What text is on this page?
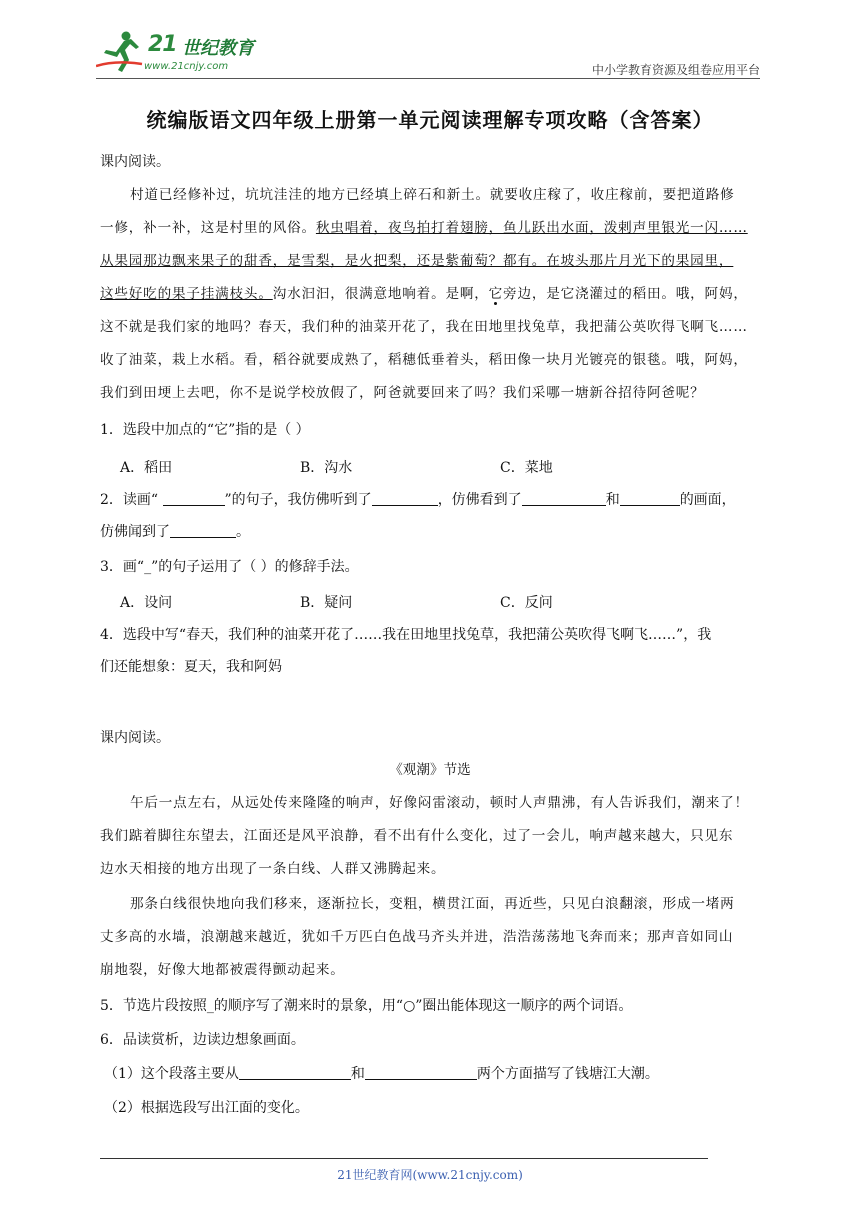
21 世纪教育
www.21cnjy.com	中小学教育资源及组卷应用平台
统编版语文四年级上册第一单元阅读理解专项攻略（含答案）
课内阅读。
村道已经修补过，坑坑洼洼的地方已经填上碎石和新土。就要收庄稼了，收庄稼前，要把道路修
一修，补一补，这是村里的风俗。秋虫唱着，夜鸟拍打着翅膀，鱼儿跃出水面，泼剌声里银光一闪……
从果园那边飘来果子的甜香，是雪梨，是火把梨，还是紫葡萄？都有。在坡头那片月光下的果园里，
这些好吃的果子挂满枝头。沟水汩汩，很满意地响着。是啊，它旁边，是它浇灌过的稻田。哦，阿妈，
这不就是我们家的地吗？春天，我们种的油菜开花了，我在田地里找兔草，我把蒲公英吹得飞啊飞……
收了油菜，栽上水稻。看，稻谷就要成熟了，稻穗低垂着头，稻田像一块月光镀亮的银毯。哦，阿妈，
我们到田埂上去吧，你不是说学校放假了，阿爸就要回来了吗？我们采哪一塘新谷招待阿爸呢？
1．选段中加点的“它”指的是（ ）
A．稻田	B．沟水	C．菜地
2．读画“	”的句子，我仿佛听到了	，仿佛看到了	和	的画面，
仿佛闻到了	。
3．画“_”的句子运用了（ ）的修辞手法。
A．设问	B．疑问	C．反问
4．选段中写“春天，我们种的油菜开花了……我在田地里找兔草，我把蒲公英吹得飞啊飞……”，我
们还能想象：夏天，我和阿妈
课内阅读。
《观潮》节选
午后一点左右，从远处传来隆隆的响声，好像闷雷滚动，顿时人声鼎沸，有人告诉我们，潮来了！
我们踮着脚往东望去，江面还是风平浪静，看不出有什么变化，过了一会儿，响声越来越大，只见东
边水天相接的地方出现了一条白线、人群又沸腾起来。
那条白线很快地向我们移来，逐渐拉长，变粗，横贯江面，再近些，只见白浪翻滚，形成一堵两
丈多高的水墙，浪潮越来越近，犹如千万匹白色战马齐头并进，浩浩荡荡地飞奔而来；那声音如同山
崩地裂，好像大地都被震得颤动起来。
5．节选片段按照_的顺序写了潮来时的景象，用“○”圈出能体现这一顺序的两个词语。
6．品读赏析，边读边想象画面。
（1）这个段落主要从	和	两个方面描写了钱塘江大潮。
（2）根据选段写出江面的变化。
21世纪教育网(www.21cnjy.com)
